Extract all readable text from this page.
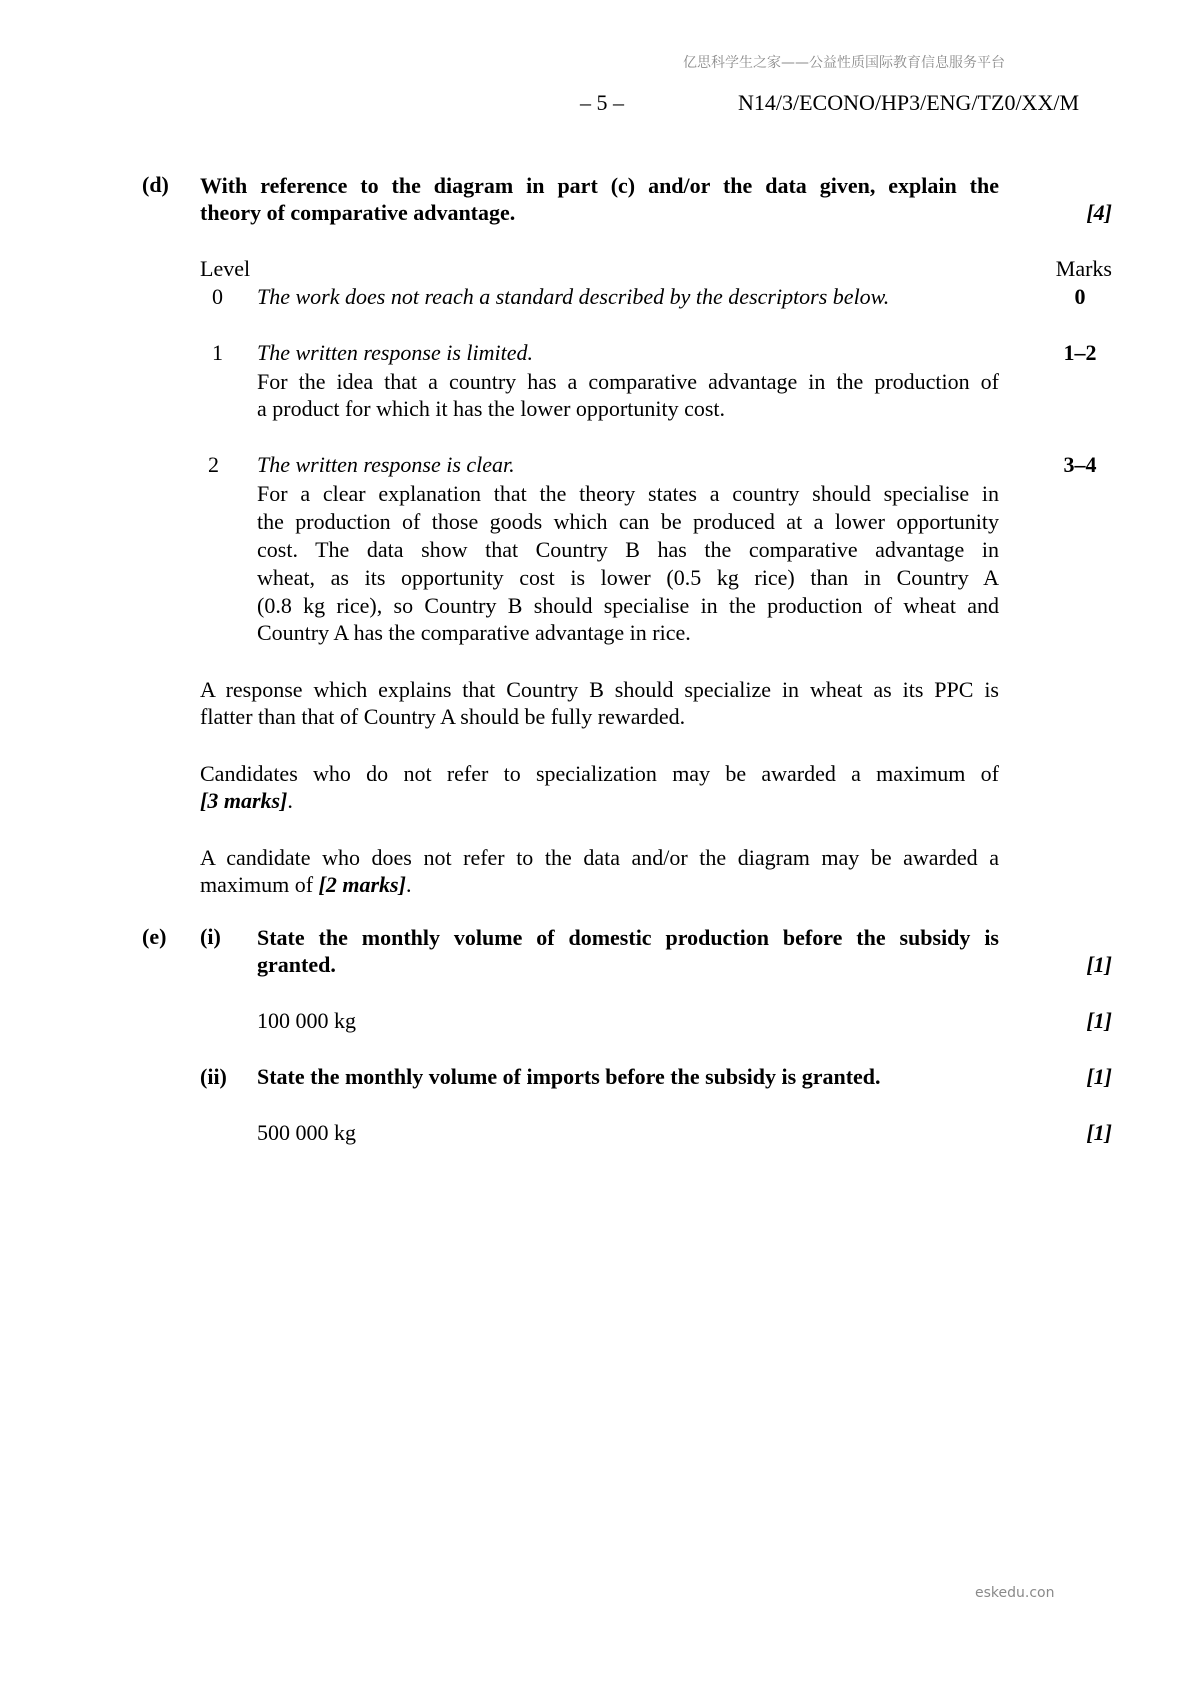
亿思科学生之家——公益性质国际教育信息服务平台
– 5 –	N14/3/ECONO/HP3/ENG/TZ0/XX/M
(d) With reference to the diagram in part (c) and/or the data given, explain the
theory of comparative advantage.	[4]
Level	Marks
0 The work does not reach a standard described by the descriptors below.	0
1 The written response is limited.	1–2
For the idea that a country has a comparative advantage in the production of
a product for which it has the lower opportunity cost.
2 The written response is clear.	3–4
For a clear explanation that the theory states a country should specialise in
the production of those goods which can be produced at a lower opportunity
cost. The data show that Country B has the comparative advantage in
wheat, as its opportunity cost is lower (0.5 kg rice) than in Country A
(0.8 kg rice), so Country B should specialise in the production of wheat and
Country A has the comparative advantage in rice.
A response which explains that Country B should specialize in wheat as its PPC is
flatter than that of Country A should be fully rewarded.
Candidates who do not refer to specialization may be awarded a maximum of
[3 marks].
A candidate who does not refer to the data and/or the diagram may be awarded a
maximum of [2 marks].
(e) (i) State the monthly volume of domestic production before the subsidy is
granted.	[1]
100 000 kg	[1]
(ii) State the monthly volume of imports before the subsidy is granted.	[1]
500 000 kg	[1]
eskedu.con
